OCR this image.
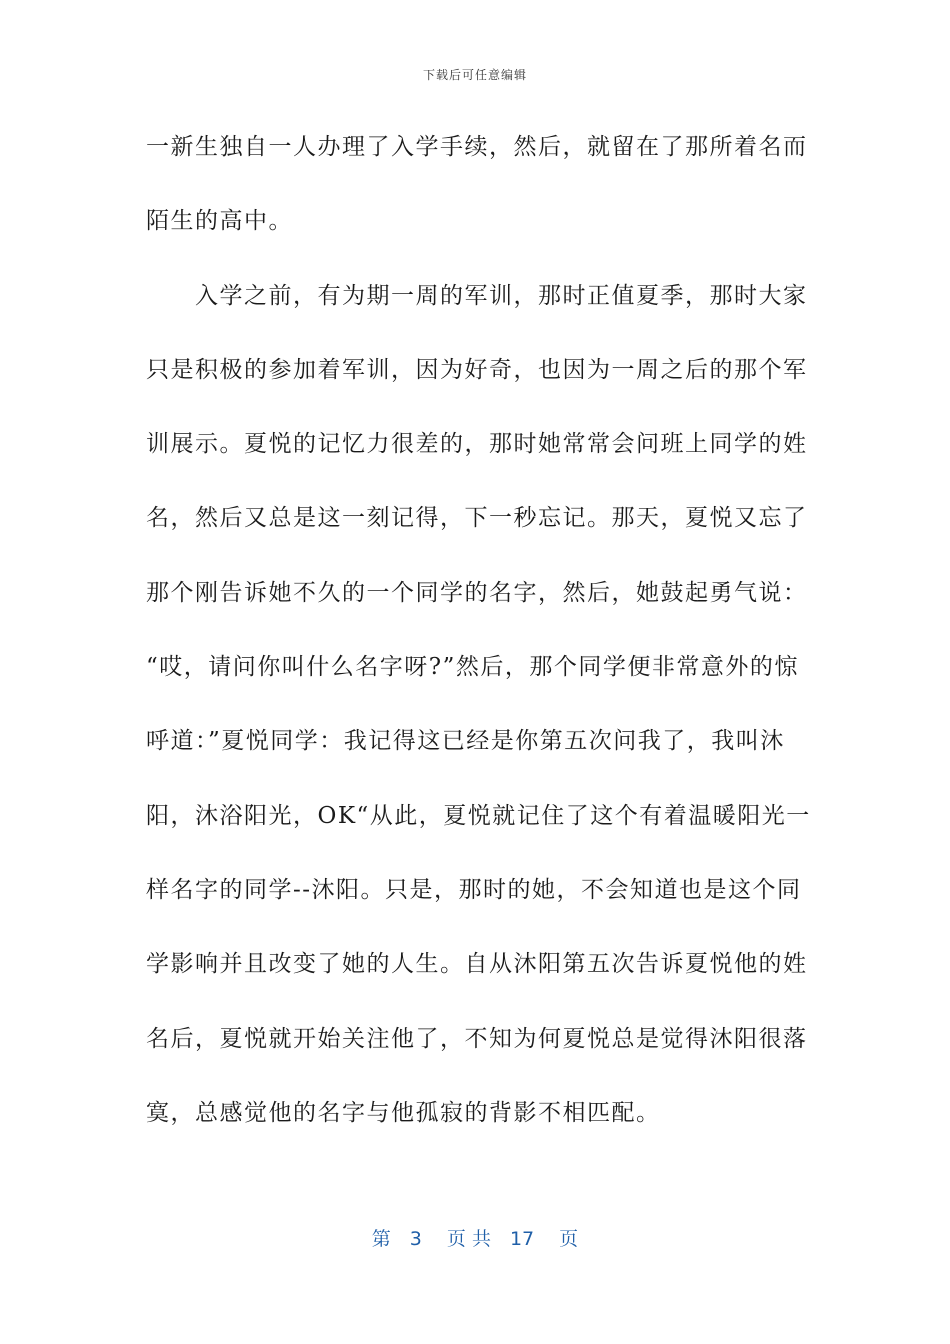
下载后可任意编辑
一新生独自一人办理了入学手续，然后，就留在了那所着名而
陌生的高中。
　　入学之前，有为期一周的军训，那时正值夏季，那时大家
只是积极的参加着军训，因为好奇，也因为一周之后的那个军
训展示。夏悦的记忆力很差的，那时她常常会问班上同学的姓
名，然后又总是这一刻记得，下一秒忘记。那天，夏悦又忘了
那个刚告诉她不久的一个同学的名字，然后，她鼓起勇气说：
“哎，请问你叫什么名字呀?”然后，那个同学便非常意外的惊
呼道：”夏悦同学：我记得这已经是你第五次问我了，我叫沐
阳，沐浴阳光，OK“从此，夏悦就记住了这个有着温暖阳光一
样名字的同学--沐阳。只是，那时的她，不会知道也是这个同
学影响并且改变了她的人生。自从沐阳第五次告诉夏悦他的姓
名后，夏悦就开始关注他了，不知为何夏悦总是觉得沐阳很落
寞，总感觉他的名字与他孤寂的背影不相匹配。
第　3　 页 共　17　 页
